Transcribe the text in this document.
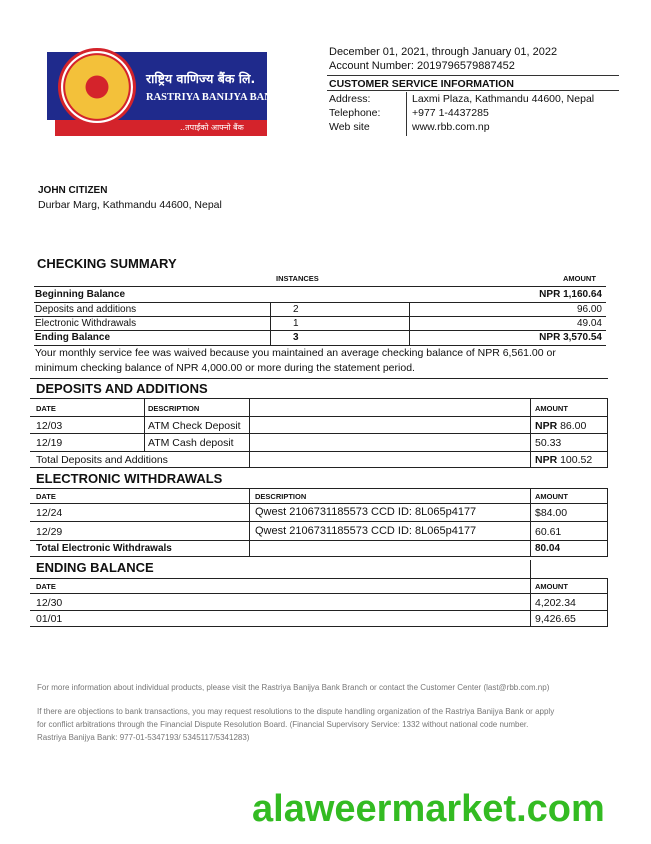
राष्ट्रिय वाणिज्य बैंक लि.
RASTRIYA BANIJYA BANK LTD.
..तपाईंको आफ्नो बैंक
December 01, 2021, through January 01, 2022
Account Number: 2019796579887452
CUSTOMER SERVICE INFORMATION
Address:	Laxmi Plaza, Kathmandu 44600, Nepal
Telephone:	+977 1-4437285
Web site	www.rbb.com.np
JOHN CITIZEN
Durbar Marg, Kathmandu 44600, Nepal
CHECKING SUMMARY
INSTANCES	AMOUNT
Beginning Balance	NPR 1,160.64
Deposits and additions	2	96.00
Electronic Withdrawals	1	49.04
Ending Balance	3	NPR 3,570.54
Your monthly service fee was waived because you maintained an average checking balance of NPR 6,561.00 or
minimum checking balance of NPR 4,000.00 or more during the statement period.
DEPOSITS AND ADDITIONS
DATE	DESCRIPTION	AMOUNT
12/03	ATM Check Deposit	NPR 86.00
12/19	ATM Cash deposit	50.33
Total Deposits and Additions	NPR 100.52
ELECTRONIC WITHDRAWALS
DATE	DESCRIPTION	AMOUNT
12/24	Qwest 2106731185573 CCD ID: 8L065p4177	$84.00
12/29	Qwest 2106731185573 CCD ID: 8L065p4177	60.61
Total Electronic Withdrawals	80.04
ENDING BALANCE
DATE	AMOUNT
12/30	4,202.34
01/01	9,426.65
For more information about individual products, please visit the Rastriya Banijya Bank Branch or contact the Customer Center (last@rbb.com.np)
If there are objections to bank transactions, you may request resolutions to the dispute handling organization of the Rastriya Banijya Bank or apply
for conflict arbitrations through the Financial Dispute Resolution Board. (Financial Supervisory Service: 1332 without national code number.
Rastriya Banijya Bank: 977-01-5347193/ 5345117/5341283)
alaweermarket.com
